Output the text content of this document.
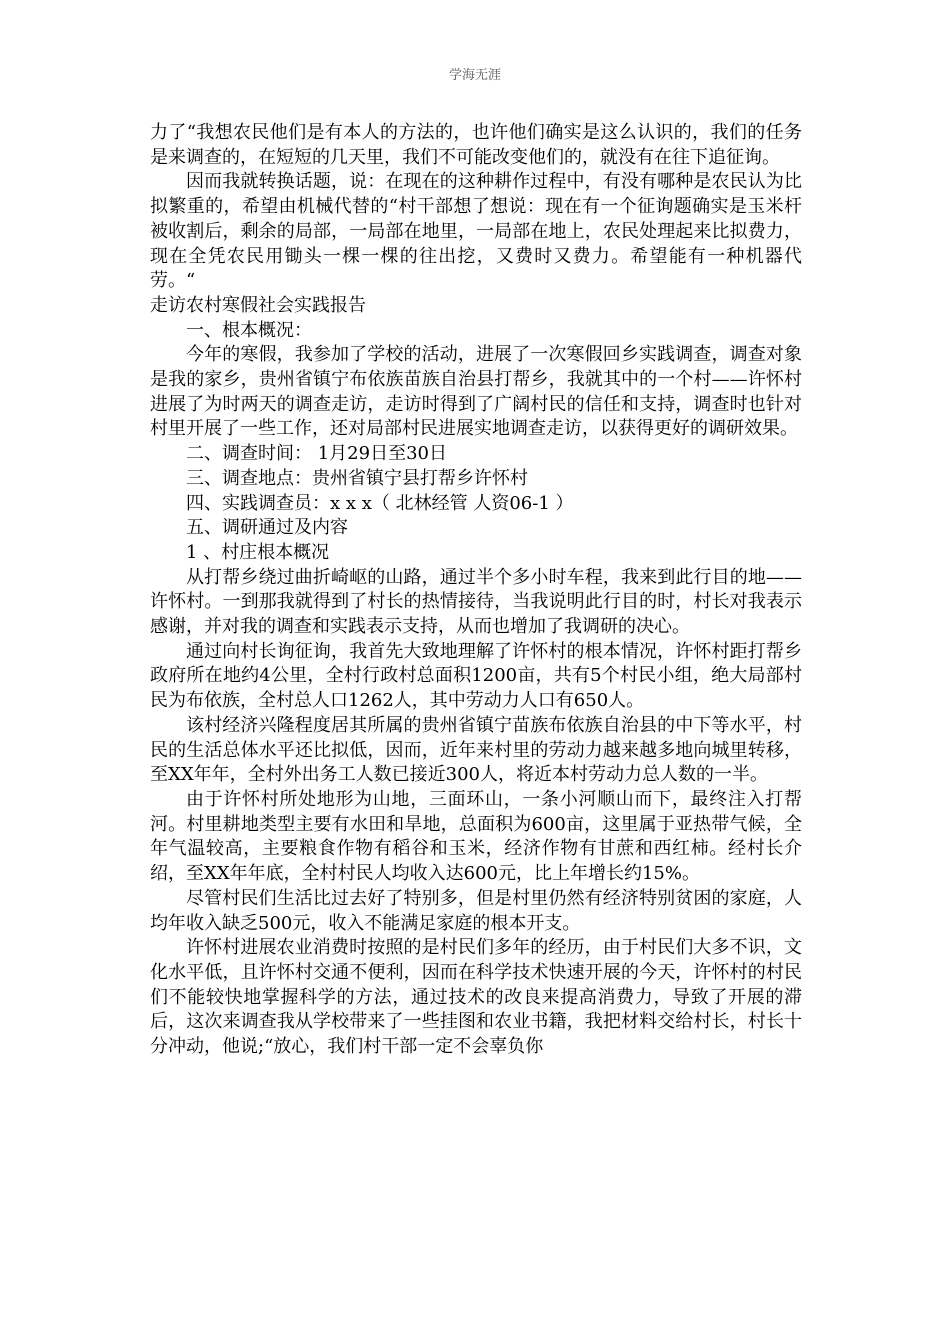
学海无涯

力了“我想农民他们是有本人的方法的，也许他们确实是这么认识的，我们的任务是来调查的，在短短的几天里，我们不可能改变他们的，就没有在往下追征询。

因而我就转换话题，说：在现在的这种耕作过程中，有没有哪种是农民认为比拟繁重的，希望由机械代替的“村干部想了想说：现在有一个征询题确实是玉米杆被收割后，剩余的局部，一局部在地里，一局部在地上，农民处理起来比拟费力，现在全凭农民用锄头一棵一棵的往出挖，又费时又费力。希望能有一种机器代劳。“

走访农村寒假社会实践报告

一、根本概况：

今年的寒假，我参加了学校的活动，进展了一次寒假回乡实践调查，调查对象是我的家乡，贵州省镇宁布依族苗族自治县打帮乡，我就其中的一个村——许怀村进展了为时两天的调查走访，走访时得到了广阔村民的信任和支持，调查时也针对村里开展了一些工作，还对局部村民进展实地调查走访，以获得更好的调研效果。

二、调查时间： 1月29日至30日

三、调查地点：贵州省镇宁县打帮乡许怀村

四、实践调查员：x x x（ 北林经管 人资06-1 ）

五、调研通过及内容

1 、村庄根本概况

从打帮乡绕过曲折崎岖的山路，通过半个多小时车程，我来到此行目的地——许怀村。一到那我就得到了村长的热情接待，当我说明此行目的时，村长对我表示感谢，并对我的调查和实践表示支持，从而也增加了我调研的决心。

通过向村长询征询，我首先大致地理解了许怀村的根本情况，许怀村距打帮乡政府所在地约4公里，全村行政村总面积1200亩，共有5个村民小组，绝大局部村民为布依族，全村总人口1262人，其中劳动力人口有650人。

该村经济兴隆程度居其所属的贵州省镇宁苗族布依族自治县的中下等水平，村民的生活总体水平还比拟低，因而，近年来村里的劳动力越来越多地向城里转移，至XX年年，全村外出务工人数已接近300人，将近本村劳动力总人数的一半。

由于许怀村所处地形为山地，三面环山，一条小河顺山而下，最终注入打帮河。村里耕地类型主要有水田和旱地，总面积为600亩，这里属于亚热带气候，全年气温较高，主要粮食作物有稻谷和玉米，经济作物有甘蔗和西红柿。经村长介绍，至XX年年底，全村村民人均收入达600元，比上年增长约15%。

尽管村民们生活比过去好了特别多，但是村里仍然有经济特别贫困的家庭，人均年收入缺乏500元，收入不能满足家庭的根本开支。

许怀村进展农业消费时按照的是村民们多年的经历，由于村民们大多不识，文化水平低，且许怀村交通不便利，因而在科学技术快速开展的今天，许怀村的村民们不能较快地掌握科学的方法，通过技术的改良来提高消费力，导致了开展的滞后，这次来调查我从学校带来了一些挂图和农业书籍，我把材料交给村长，村长十分冲动，他说;“放心，我们村干部一定不会辜负你
